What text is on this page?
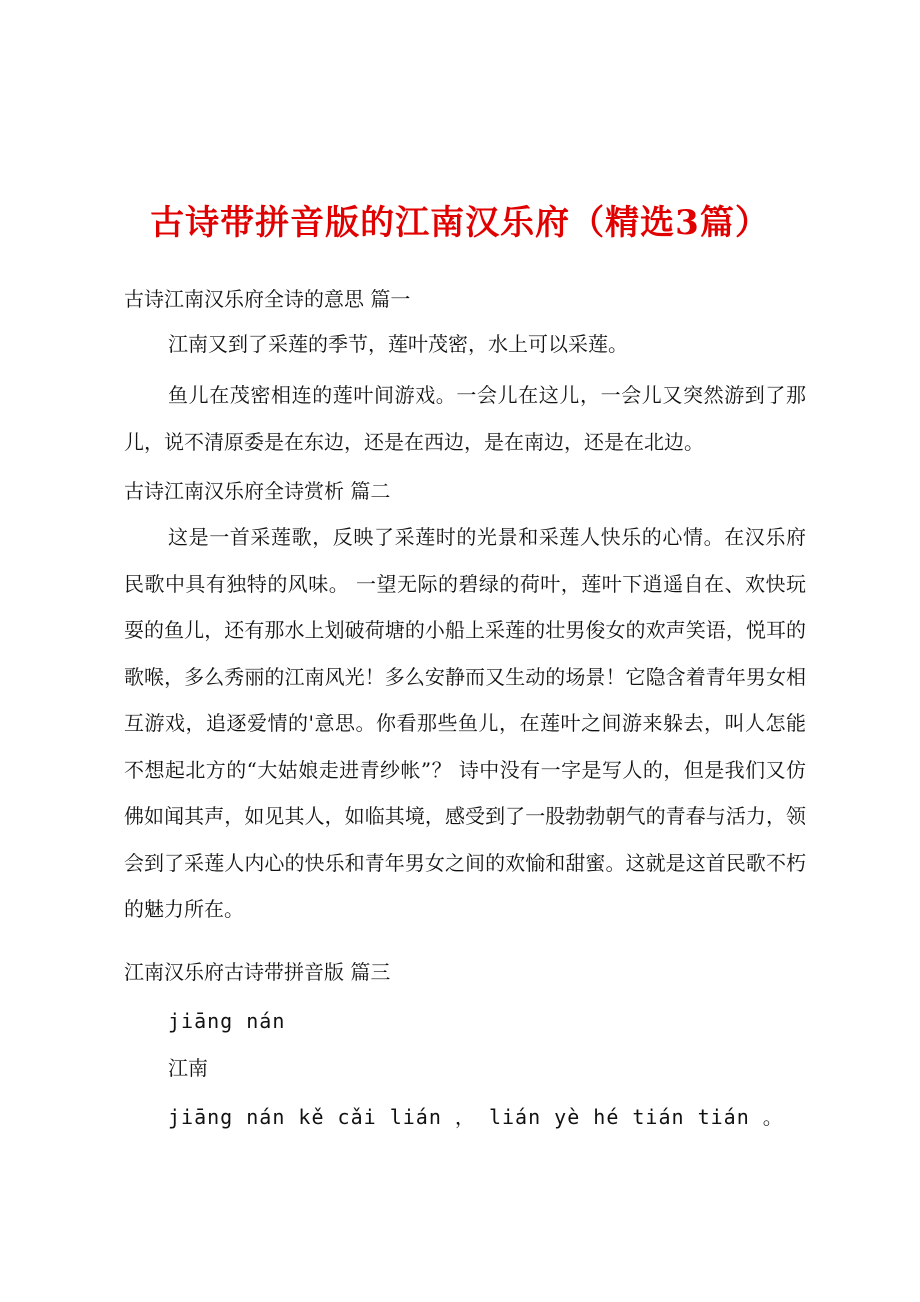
古诗带拼音版的江南汉乐府（精选3篇）
古诗江南汉乐府全诗的意思 篇一

江南又到了采莲的季节，莲叶茂密，水上可以采莲。

鱼儿在茂密相连的莲叶间游戏。一会儿在这儿，一会儿又突然游到了那儿，说不清原委是在东边，还是在西边，是在南边，还是在北边。

古诗江南汉乐府全诗赏析 篇二

这是一首采莲歌，反映了采莲时的光景和采莲人快乐的心情。在汉乐府民歌中具有独特的风味。 一望无际的碧绿的荷叶，莲叶下逍遥自在、欢快玩耍的鱼儿，还有那水上划破荷塘的小船上采莲的壮男俊女的欢声笑语，悦耳的歌喉，多么秀丽的江南风光！多么安静而又生动的场景！它隐含着青年男女相互游戏，追逐爱情的'意思。你看那些鱼儿，在莲叶之间游来躲去，叫人怎能不想起北方的“大姑娘走进青纱帐”？ 诗中没有一字是写人的，但是我们又仿佛如闻其声，如见其人，如临其境，感受到了一股勃勃朝气的青春与活力，领会到了采莲人内心的快乐和青年男女之间的欢愉和甜蜜。这就是这首民歌不朽的魅力所在。

江南汉乐府古诗带拼音版 篇三
jiāng nán
江南
jiāng nán kě cǎi lián ， lián yè hé tián tián 。
